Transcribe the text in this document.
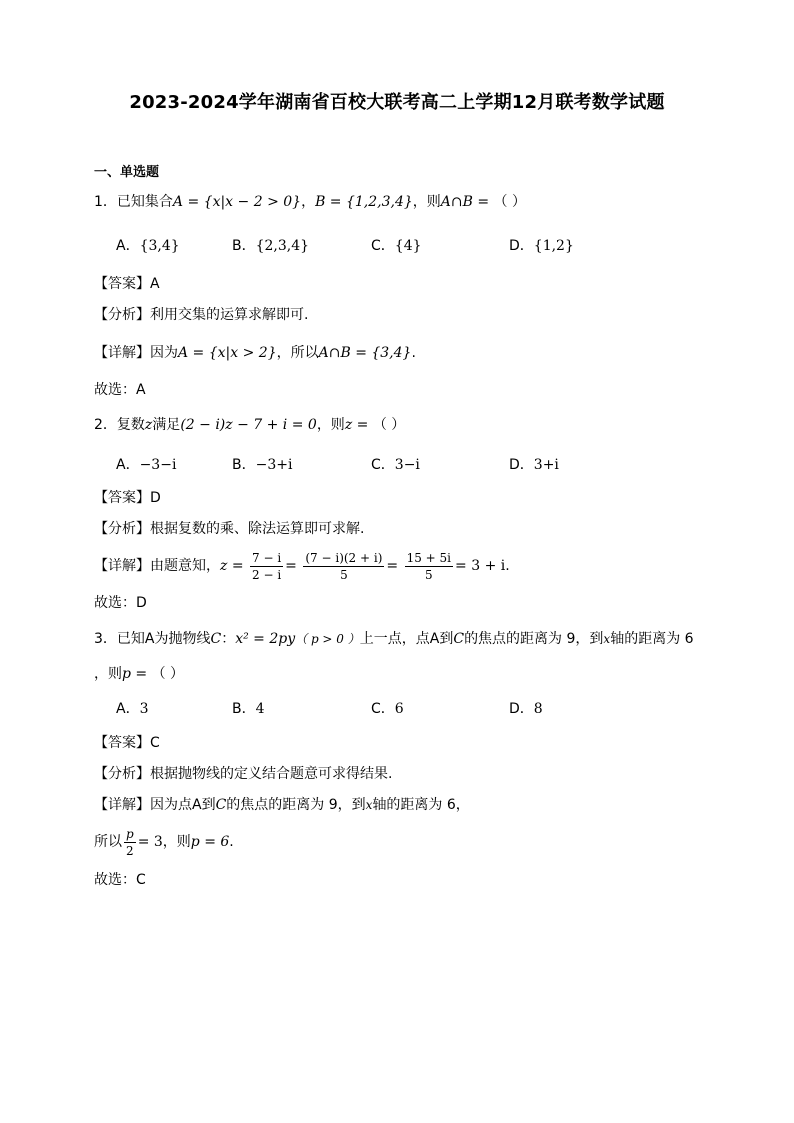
2023-2024学年湖南省百校大联考高二上学期12月联考数学试题
一、单选题
1．已知集合A = {x|x − 2 > 0}，B = {1,2,3,4}，则A∩B = （ ）
A．{3,4}	B．{2,3,4}	C．{4}	D．{1,2}
【答案】A
【分析】利用交集的运算求解即可.
【详解】因为A = {x|x > 2}，所以A∩B = {3,4}.
故选：A
2．复数z满足(2 − i)z − 7 + i = 0，则z = （ ）
A．−3−i	B．−3+i	C．3−i	D．3+i
【答案】D
【分析】根据复数的乘、除法运算即可求解.
【详解】由题意知，$z = \frac{7 - i}{2 - i} = \frac{(7 - i)(2 + i)}{5} = \frac{15 + 5i}{5} = 3 + i$.
故选：D
3．已知A为抛物线C：x² = 2py（ p > 0 ）上一点，点A到C的焦点的距离为 9，到x轴的距离为 6
，则p = （ ）
A．3	B．4	C．6	D．8
【答案】C
【分析】根据抛物线的定义结合题意可求得结果.
【详解】因为点A到C的焦点的距离为 9，到x轴的距离为 6，
所以 $\frac{p}{2} = 3$，则p = 6.
故选：C
